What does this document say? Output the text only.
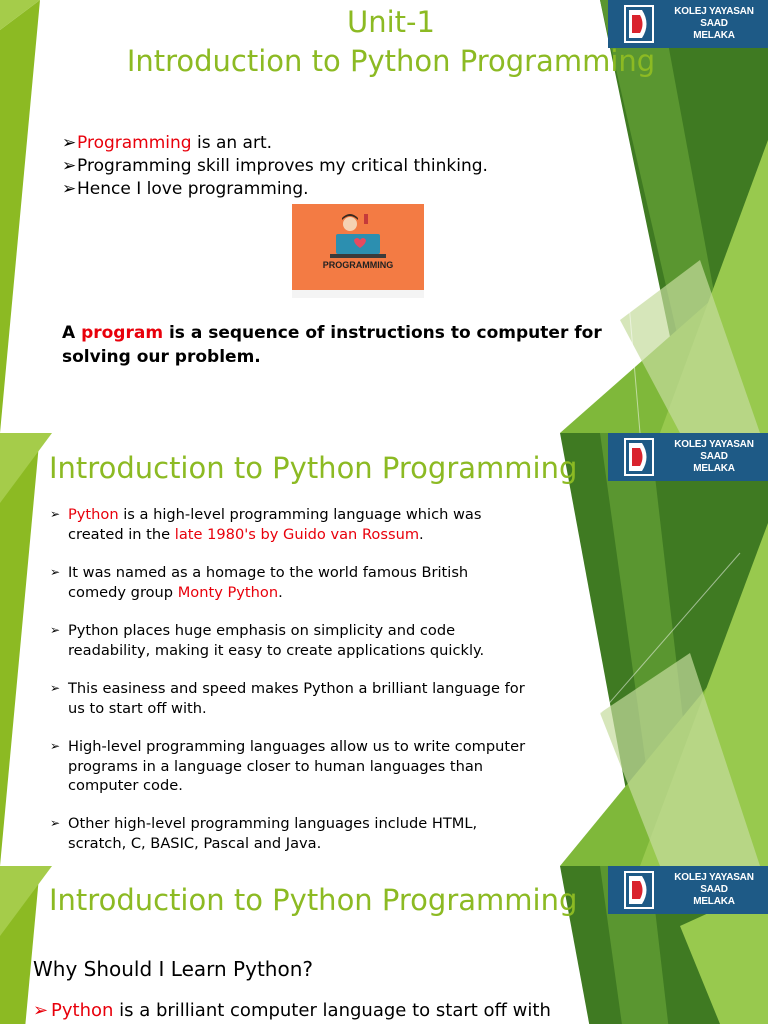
KOLEJ YAYASAN SAAD
MELAKA
Unit-1
Introduction to Python Programming
➢Programming is an art.
➢Programming skill improves my critical thinking.
➢Hence I love programming.
PROGRAMMING
A program is a sequence of instructions to computer for solving our problem.
KOLEJ YAYASAN SAAD
MELAKA
Introduction to Python Programming
➢ Python is a high-level programming language which was
created in the late 1980's by Guido van Rossum.
➢ It was named as a homage to the world famous British
comedy group Monty Python.
➢ Python places huge emphasis on simplicity and code
readability, making it easy to create applications quickly.
➢ This easiness and speed makes Python a brilliant language for
us to start off with.
➢ High-level programming languages allow us to write computer
programs in a language closer to human languages than
computer code.
➢ Other high-level programming languages include HTML,
scratch, C, BASIC, Pascal and Java.
KOLEJ YAYASAN SAAD
MELAKA
Introduction to Python Programming
Why Should I Learn Python?
➢ Python is a brilliant computer language to start off with
